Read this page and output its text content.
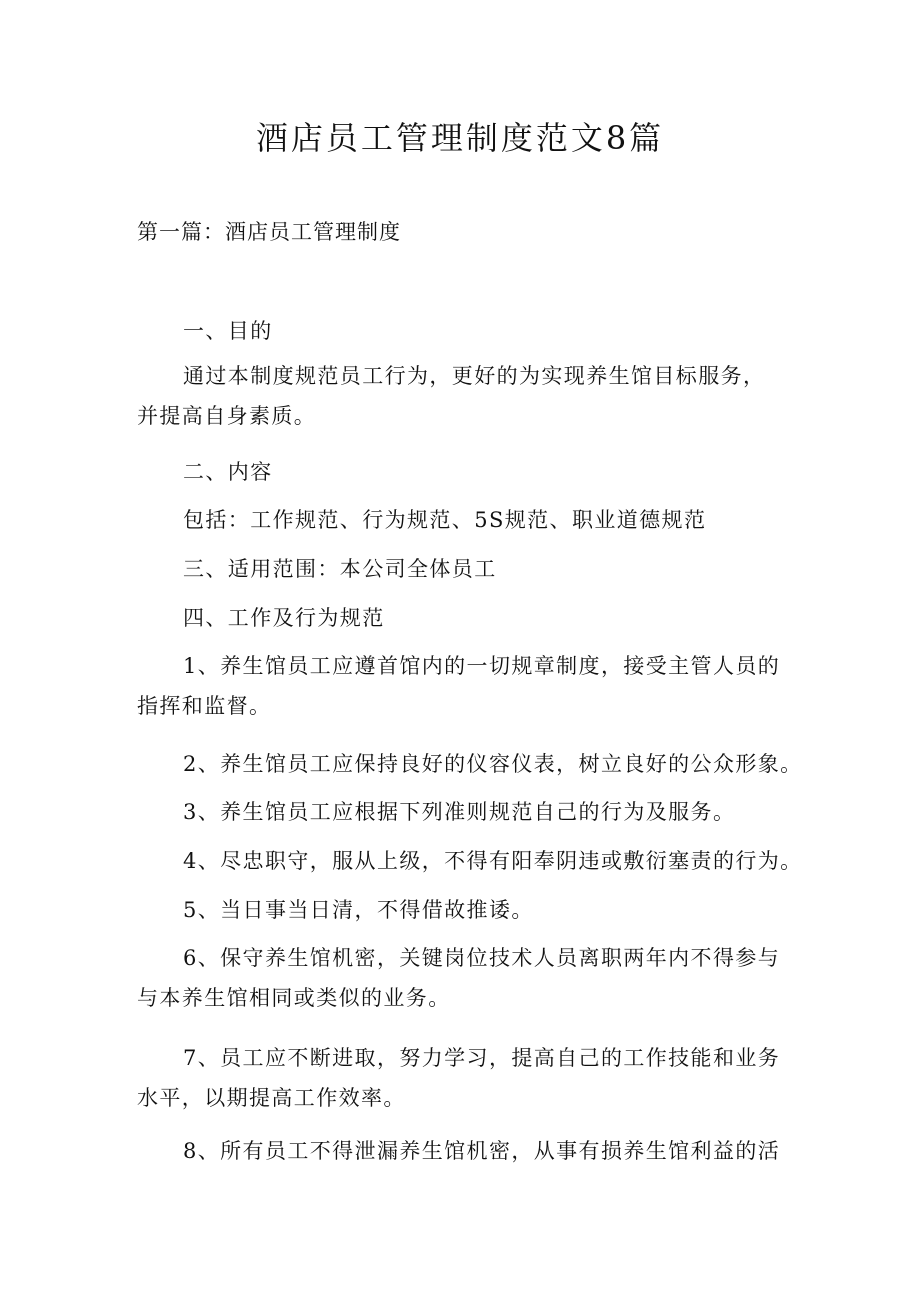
酒店员工管理制度范文8篇
第一篇：酒店员工管理制度

一、目的

通过本制度规范员工行为，更好的为实现养生馆目标服务，
并提高自身素质。

二、内容

包括：工作规范、行为规范、5S规范、职业道德规范

三、适用范围：本公司全体员工

四、工作及行为规范

1、养生馆员工应遵首馆内的一切规章制度，接受主管人员的
指挥和监督。

2、养生馆员工应保持良好的仪容仪表，树立良好的公众形象。

3、养生馆员工应根据下列准则规范自己的行为及服务。

4、尽忠职守，服从上级，不得有阳奉阴违或敷衍塞责的行为。

5、当日事当日清，不得借故推诿。

6、保守养生馆机密，关键岗位技术人员离职两年内不得参与
与本养生馆相同或类似的业务。

7、员工应不断进取，努力学习，提高自己的工作技能和业务
水平，以期提高工作效率。

8、所有员工不得泄漏养生馆机密，从事有损养生馆利益的活
